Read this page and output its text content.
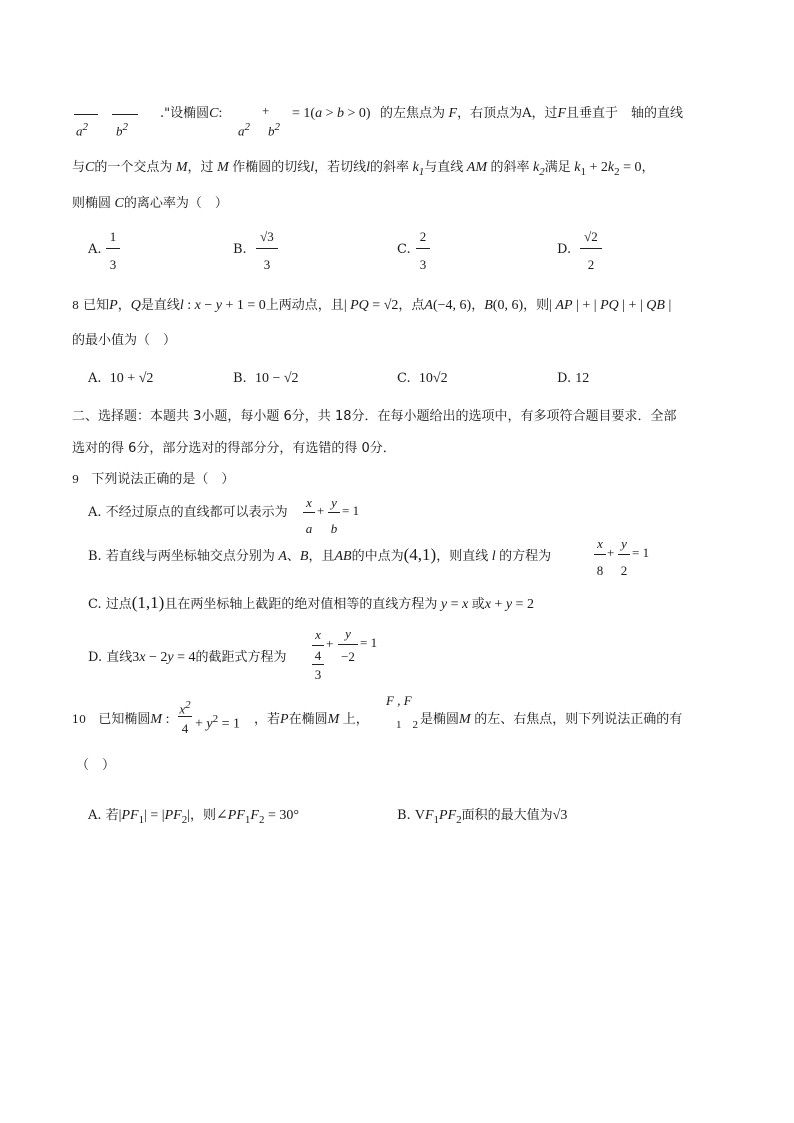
$a^2$ $b^2$
."设椭圆C:
$a^2$
+
$b^2$
= 1(a > b > 0) 的左焦点为 F，右顶点为A，过F且垂直于　轴的直线
与C的一个交点为 M，过 M 作椭圆的切线l，若切线l的斜率 $k_1$与直线 AM 的斜率 $k_2$满足 $k_1 + 2k_2 = 0$，
则椭圆 C的离心率为（　）
A.
1
3
B.
√3
3
C.
2
3
D.
√2
2
8 已知P，Q是直线l : x − y + 1 = 0上两动点，且| PQ = √2，点A(−4, 6)，B(0, 6)，则| AP | + | PQ | + | QB |
的最小值为（　）
A. 10 + √2	B. 10 − √2	C. 10√2	D. 12
二、选择题：本题共 3小题，每小题 6分，共 18分．在每小题给出的选项中，有多项符合题目要求．全部
选对的得 6分，部分选对的得部分分，有选错的得 0分．
9 下列说法正确的是（　）
A. 不经过原点的直线都可以表示为
x
a
+
y
b
= 1
B. 若直线与两坐标轴交点分别为 A、B，且AB的中点为(4,1)，则直线 l 的方程为
x
8
+
y
2
= 1
C. 过点(1,1)且在两坐标轴上截距的绝对值相等的直线方程为 y = x 或x + y = 2
D. 直线3x − 2y = 4的截距式方程为
x
4
3
+
y
−2
= 1
10 已知椭圆M :
$x^2$
$4 + y^2 = 1$ ，若P在椭圆M 上，
F , F
1    2 是椭圆M 的左、右焦点，则下列说法正确的有
（　）
A. 若$|PF_1| = |PF_2|$，则$\angle PF_1F_2 = 30^\circ$	B. $VF_1PF_2$面积的最大值为√3
